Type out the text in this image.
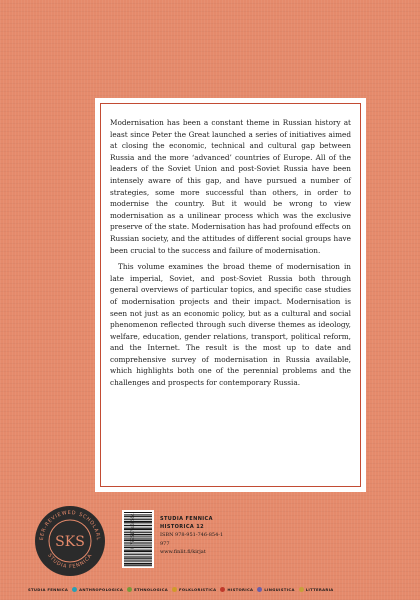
Modernisation has been a constant theme in Russian history at least since Peter the Great launched a series of initiatives aimed at closing the economic, technical and cultural gap between Russia and the more ‘advanced’ countries of Europe. All of the leaders of the Soviet Union and post-Soviet Russia have been intensely aware of this gap, and have pursued a number of strategies, some more successful than others, in order to modernise the country. But it would be wrong to view modernisation as a unilinear process which was the exclusive preserve of the state. Modernisation has had profound effects on Russian society, and the attitudes of different social groups have been crucial to the success and failure of modernisation.

This volume examines the broad theme of modernisation in late imperial, Soviet, and post-Soviet Russia both through general overviews of particular topics, and specific case studies of modernisation projects and their impact. Modernisation is seen not just as an economic policy, but as a cultural and social phenomenon reflected through such diverse themes as ideology, welfare, education, gender relations, transport, political reform, and the Internet. The result is the most up to date and comprehensive survey of modernisation in Russia available, which highlights both one of the perennial problems and the challenges and prospects for contemporary Russia.

EER-REVIEWED SCHOLARL
STUDIA FENNICA
SKS	9 789517 468564	STUDIA FENNICA
HISTORICA 12
ISBN 978-951-746-854-1
977
www.finlit.fi/kirjat
STUDIA FENNICA	ANTHROPOLOGICA	ETHNOLOGICA	FOLKLORISTICA	HISTORICA	LINGUISTICA	LITTERARIA
